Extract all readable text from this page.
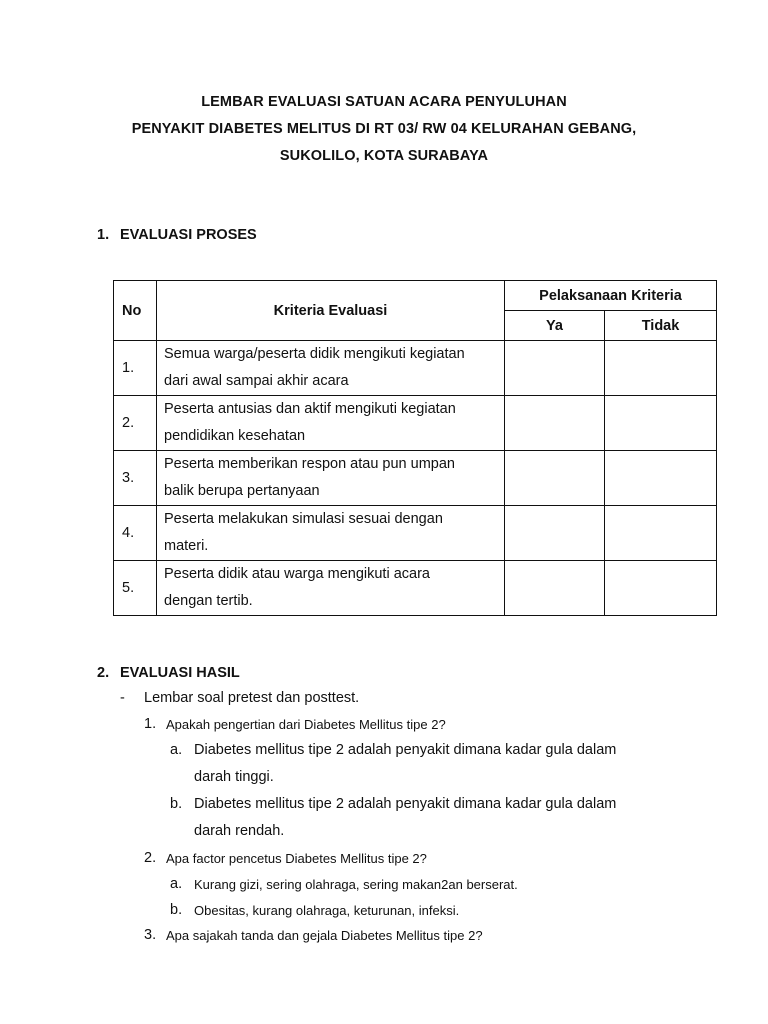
LEMBAR EVALUASI SATUAN ACARA PENYULUHAN
PENYAKIT DIABETES MELITUS DI RT 03/ RW 04 KELURAHAN GEBANG,
SUKOLILO, KOTA SURABAYA
1. EVALUASI PROSES
No	Kriteria Evaluasi	Pelaksanaan Kriteria	
		Ya	Tidak
1.	Semua warga/peserta didik mengikuti kegiatan
dari awal sampai akhir acara		

2.	Peserta antusias dan aktif mengikuti kegiatan
pendidikan kesehatan		

3.	Peserta memberikan respon atau pun umpan
balik berupa pertanyaan		

4.	Peserta melakukan simulasi sesuai dengan
materi.		

5.	Peserta didik atau warga mengikuti acara
dengan tertib.		

2. EVALUASI HASIL
- Lembar soal pretest dan posttest.
1. Apakah pengertian dari Diabetes Mellitus tipe 2?
a. Diabetes mellitus tipe 2 adalah penyakit dimana kadar gula dalam
darah tinggi.
b. Diabetes mellitus tipe 2 adalah penyakit dimana kadar gula dalam
darah rendah.
2. Apa factor pencetus Diabetes Mellitus tipe 2?
a. Kurang gizi, sering olahraga, sering makan2an berserat.
b. Obesitas, kurang olahraga, keturunan, infeksi.
3. Apa sajakah tanda dan gejala Diabetes Mellitus tipe 2?
